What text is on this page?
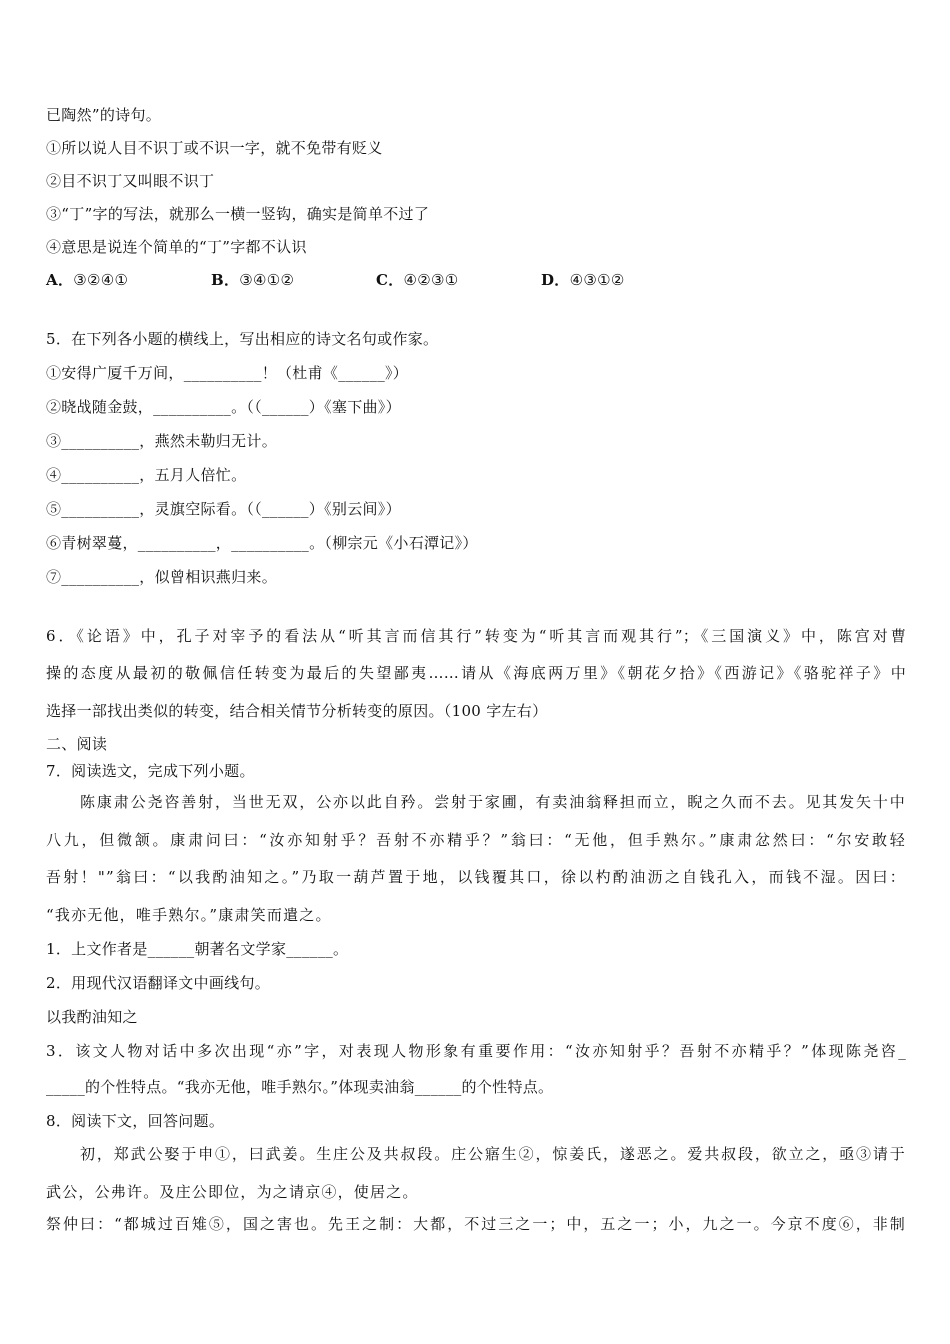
已陶然”的诗句。
①所以说人目不识丁或不识一字，就不免带有贬义
②目不识丁又叫眼不识丁
③“丁”字的写法，就那么一横一竖钩，确实是简单不过了
④意思是说连个简单的“丁”字都不认识
A．③②④①	B．③④①②	C．④②③①	D．④③①②
5．在下列各小题的横线上，写出相应的诗文名句或作家。
①安得广厦千万间，__________！（杜甫《______》）
②晓战随金鼓，__________。（（______）《塞下曲》）
③__________，燕然未勒归无计。
④__________，五月人倍忙。
⑤__________，灵旗空际看。（（______）《别云间》）
⑥青树翠蔓，__________，__________。（柳宗元《小石潭记》）
⑦__________，似曾相识燕归来。
6．《论语》中，孔子对宰予的看法从“听其言而信其行”转变为“听其言而观其行”；《三国演义》中，陈宫对曹
操的态度从最初的敬佩信任转变为最后的失望鄙夷……请从《海底两万里》《朝花夕拾》《西游记》《骆驼祥子》中
选择一部找出类似的转变，结合相关情节分析转变的原因。（100 字左右）
二、阅读
7．阅读选文，完成下列小题。
陈康肃公尧咨善射，当世无双，公亦以此自矜。尝射于家圃，有卖油翁释担而立，睨之久而不去。见其发矢十中
八九，但微颔。康肃问曰：“汝亦知射乎？吾射不亦精乎？”翁曰：“无他，但手熟尔。”康肃忿然曰：“尔安敢轻
吾射！"”翁曰：“以我酌油知之。”乃取一葫芦置于地，以钱覆其口，徐以杓酌油沥之自钱孔入，而钱不湿。因曰：
“我亦无他，唯手熟尔。”康肃笑而遣之。
1．上文作者是______朝著名文学家______。
2．用现代汉语翻译文中画线句。
以我酌油知之
3．该文人物对话中多次出现“亦”字，对表现人物形象有重要作用：“汝亦知射乎？吾射不亦精乎？”体现陈尧咨_
_____的个性特点。“我亦无他，唯手熟尔。”体现卖油翁______的个性特点。
8．阅读下文，回答问题。
初，郑武公娶于申①，曰武姜。生庄公及共叔段。庄公寤生②，惊姜氏，遂恶之。爱共叔段，欲立之，亟③请于
武公，公弗许。及庄公即位，为之请京④，使居之。
祭仲曰：“都城过百雉⑤，国之害也。先王之制：大都，不过三之一；中，五之一；小，九之一。今京不度⑥，非制
